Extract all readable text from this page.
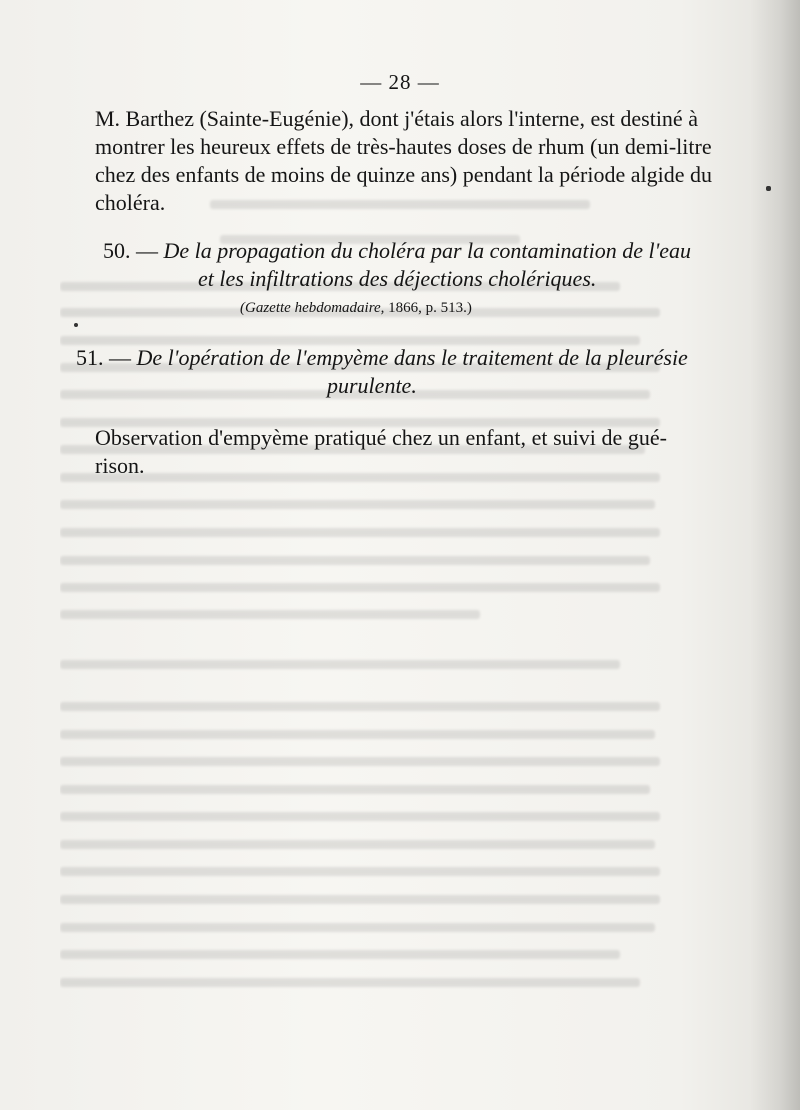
— 28 —
M. Barthez (Sainte-Eugénie), dont j'étais alors l'interne, est destiné à
montrer les heureux effets de très-hautes doses de rhum (un demi-litre
chez des enfants de moins de quinze ans) pendant la période algide du
choléra.
50. — De la propagation du choléra par la contamination de l'eau
et les infiltrations des déjections cholériques.
(Gazette hebdomadaire, 1866, p. 513.)
51. — De l'opération de l'empyème dans le traitement de la pleurésie
purulente.
Observation d'empyème pratiqué chez un enfant, et suivi de gué-
rison.
